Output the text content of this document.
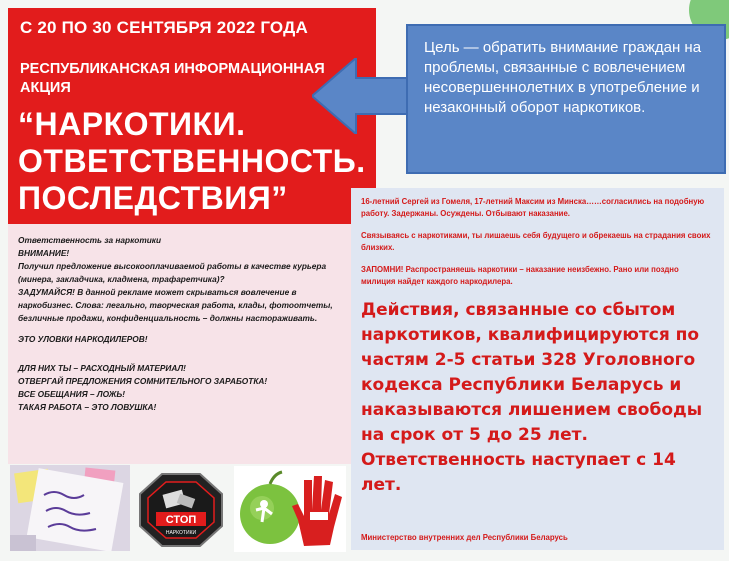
С 20 ПО 30 СЕНТЯБРЯ 2022 ГОДА
РЕСПУБЛИКАНСКАЯ ИНФОРМАЦИОННАЯ АКЦИЯ
“НАРКОТИКИ. ОТВЕТСТВЕННОСТЬ. ПОСЛЕДСТВИЯ”
Цель — обратить внимание граждан на проблемы, связанные с вовлечением несовершеннолетних в употребление и незаконный оборот наркотиков.

Ответственность за наркотики

ВНИМАНИЕ!

Получил предложение высокооплачиваемой работы в качестве курьера (минера, закладчика, кладмена, трафаретчика)?

ЗАДУМАЙСЯ! В данной рекламе может скрываться вовлечение в наркобизнес. Слова: легально, творческая работа, клады, фотоотчеты, безличные продажи, конфиденциальность – должны настораживать.

ЭТО УЛОВКИ НАРКОДИЛЕРОВ!

ДЛЯ НИХ ТЫ – РАСХОДНЫЙ МАТЕРИАЛ!

ОТВЕРГАЙ ПРЕДЛОЖЕНИЯ СОМНИТЕЛЬНОГО ЗАРАБОТКА!

ВСЕ ОБЕЩАНИЯ – ЛОЖЬ!

ТАКАЯ РАБОТА – ЭТО ЛОВУШКА!

16-летний Сергей из Гомеля, 17-летний Максим из Минска……согласились на подобную работу. Задержаны. Осуждены. Отбывают наказание.

Связываясь с наркотиками, ты лишаешь себя будущего и обрекаешь на страдания своих близких.

ЗАПОМНИ! Распространяешь наркотики – наказание неизбежно. Рано или поздно милиция найдет каждого наркодилера.

Действия, связанные со сбытом наркотиков, квалифицируются по частям 2-5 статьи 328 Уголовного кодекса Республики Беларусь и наказываются лишением свободы на срок от 5 до 25 лет. Ответственность наступает с 14 лет.

Министерство внутренних дел Республики Беларусь
СТОП
НАРКОТИКИ
